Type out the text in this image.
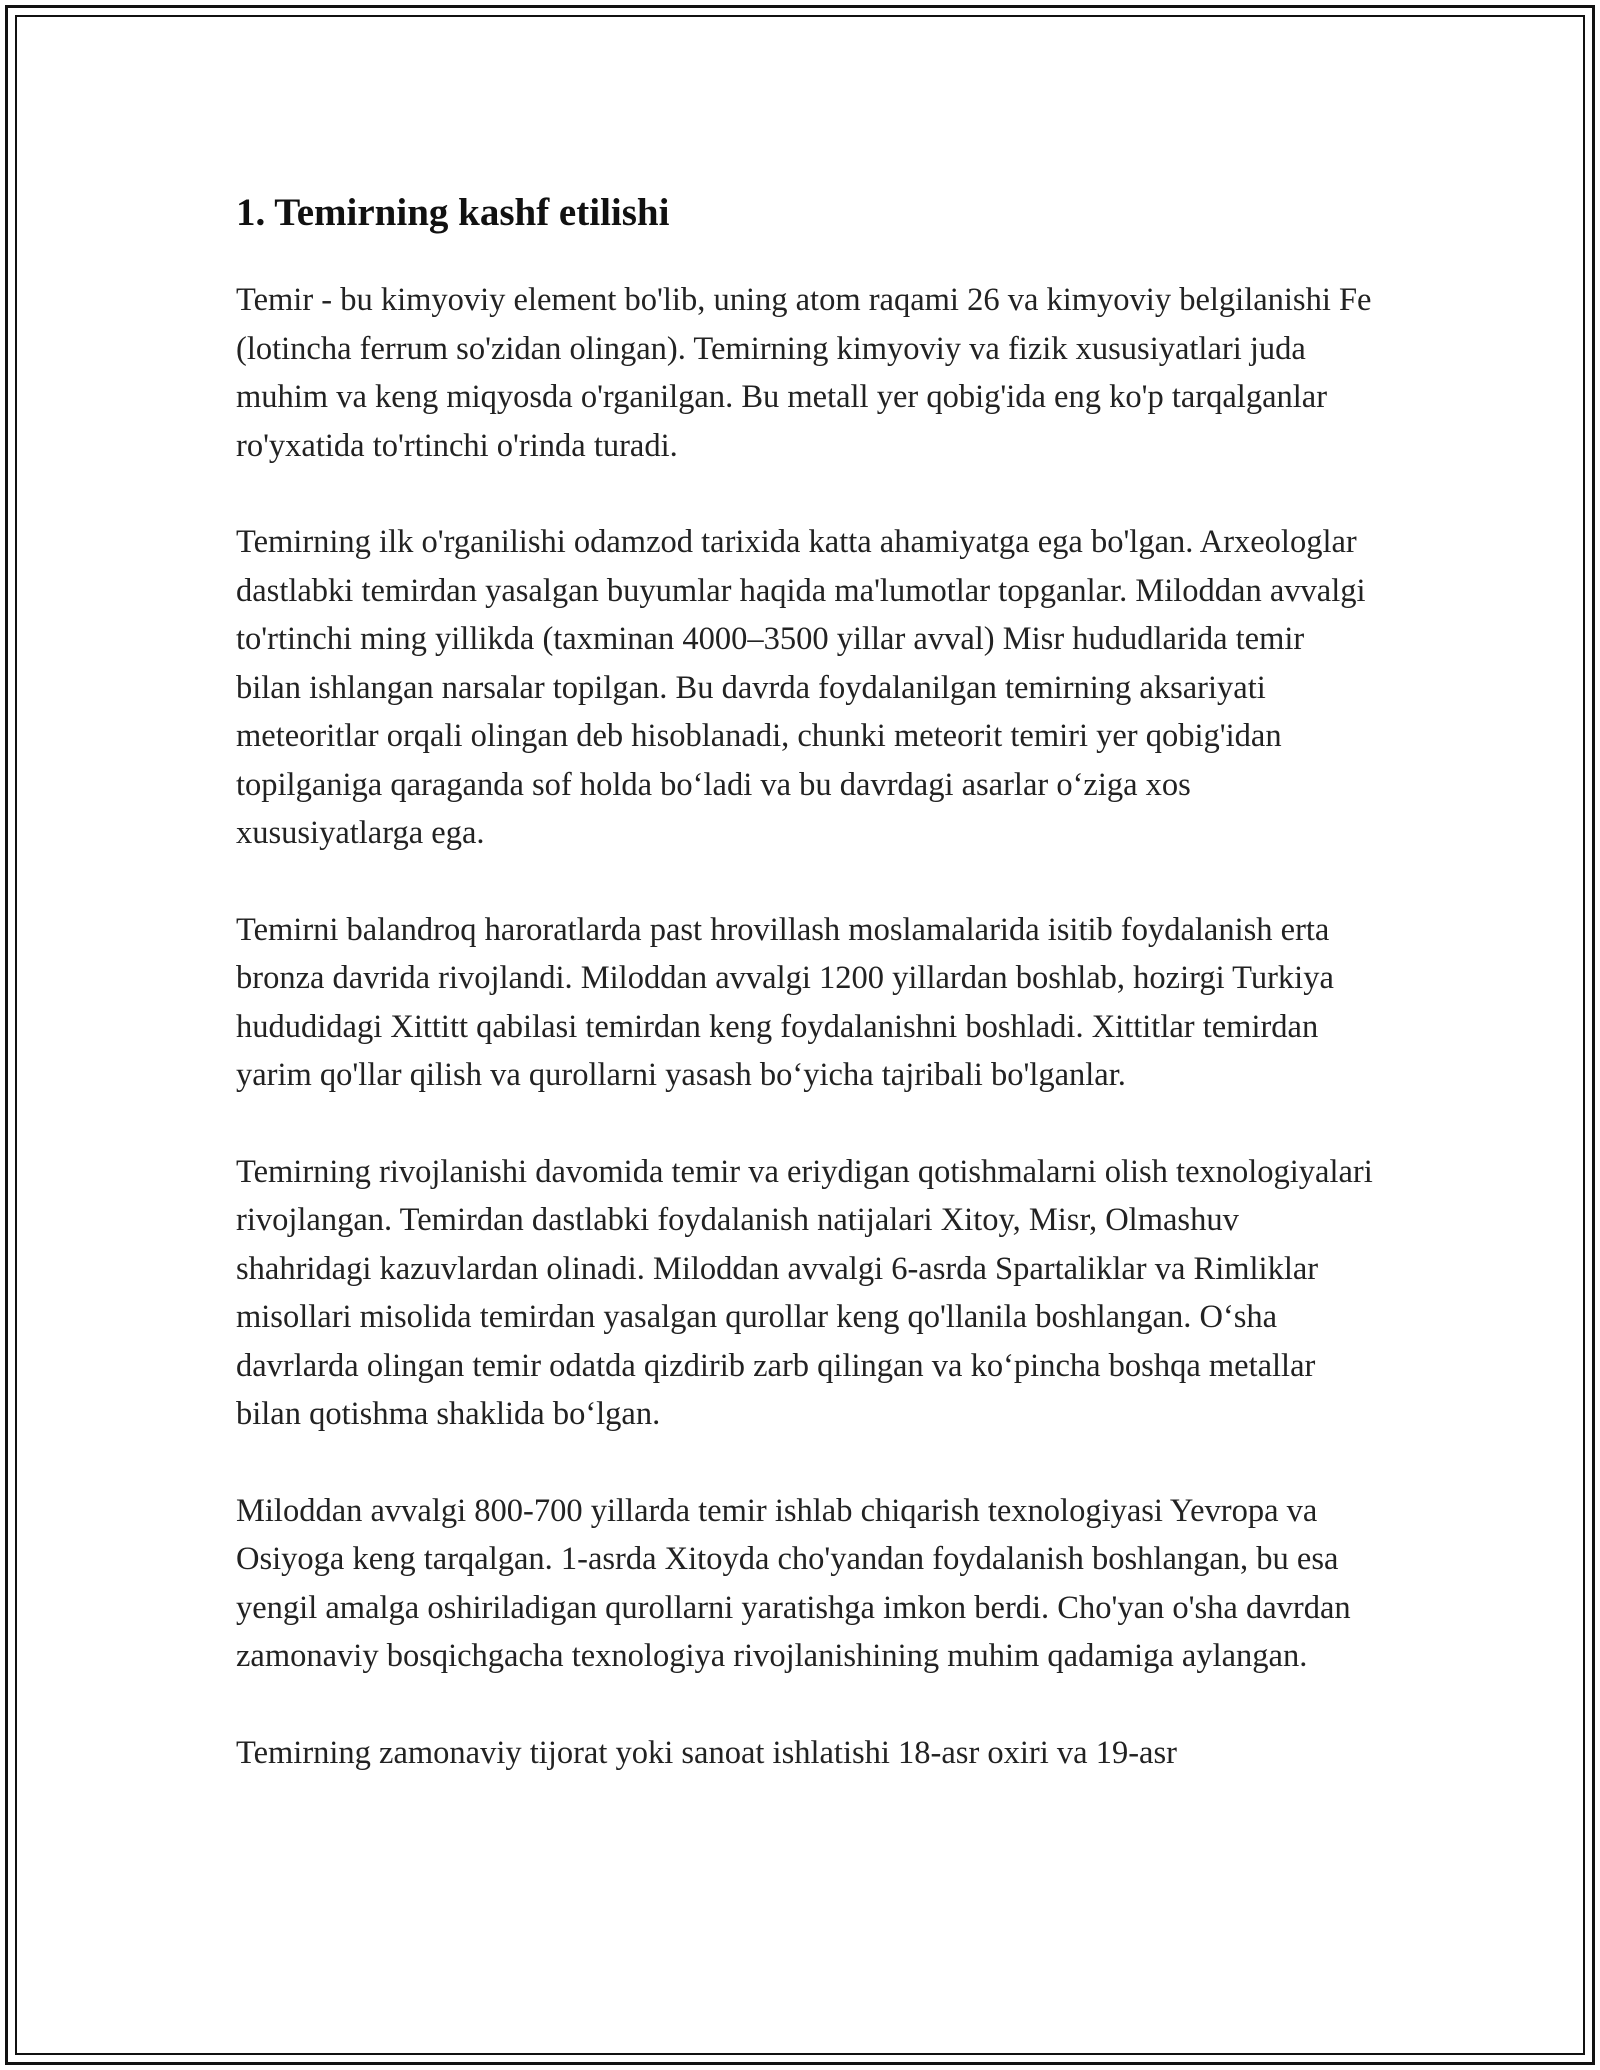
1. Temirning kashf etilishi

Temir - bu kimyoviy element bo'lib, uning atom raqami 26 va kimyoviy belgilanishi Fe (lotincha ferrum so'zidan olingan). Temirning kimyoviy va fizik xususiyatlari juda muhim va keng miqyosda o'rganilgan. Bu metall yer qobig'ida eng ko'p tarqalganlar ro'yxatida to'rtinchi o'rinda turadi.

Temirning ilk o'rganilishi odamzod tarixida katta ahamiyatga ega bo'lgan. Arxeologlar dastlabki temirdan yasalgan buyumlar haqida ma'lumotlar topganlar. Miloddan avvalgi to'rtinchi ming yillikda (taxminan 4000–3500 yillar avval) Misr hududlarida temir bilan ishlangan narsalar topilgan. Bu davrda foydalanilgan temirning aksariyati meteoritlar orqali olingan deb hisoblanadi, chunki meteorit temiri yer qobig'idan topilganiga qaraganda sof holda bo‘ladi va bu davrdagi asarlar o‘ziga xos xususiyatlarga ega.

Temirni balandroq haroratlarda past hrovillash moslamalarida isitib foydalanish erta bronza davrida rivojlandi. Miloddan avvalgi 1200 yillardan boshlab, hozirgi Turkiya hududidagi Xittitt qabilasi temirdan keng foydalanishni boshladi. Xittitlar temirdan yarim qo'llar qilish va qurollarni yasash bo‘yicha tajribali bo'lganlar.

Temirning rivojlanishi davomida temir va eriydigan qotishmalarni olish texnologiyalari rivojlangan. Temirdan dastlabki foydalanish natijalari Xitoy, Misr, Olmashuv shahridagi kazuvlardan olinadi. Miloddan avvalgi 6-asrda Spartaliklar va Rimliklar misollari misolida temirdan yasalgan qurollar keng qo'llanila boshlangan. O‘sha davrlarda olingan temir odatda qizdirib zarb qilingan va ko‘pincha boshqa metallar bilan qotishma shaklida bo‘lgan.

Miloddan avvalgi 800-700 yillarda temir ishlab chiqarish texnologiyasi Yevropa va Osiyoga keng tarqalgan. 1-asrda Xitoyda cho'yandan foydalanish boshlangan, bu esa yengil amalga oshiriladigan qurollarni yaratishga imkon berdi. Cho'yan o'sha davrdan zamonaviy bosqichgacha texnologiya rivojlanishining muhim qadamiga aylangan.

Temirning zamonaviy tijorat yoki sanoat ishlatishi 18-asr oxiri va 19-asr
